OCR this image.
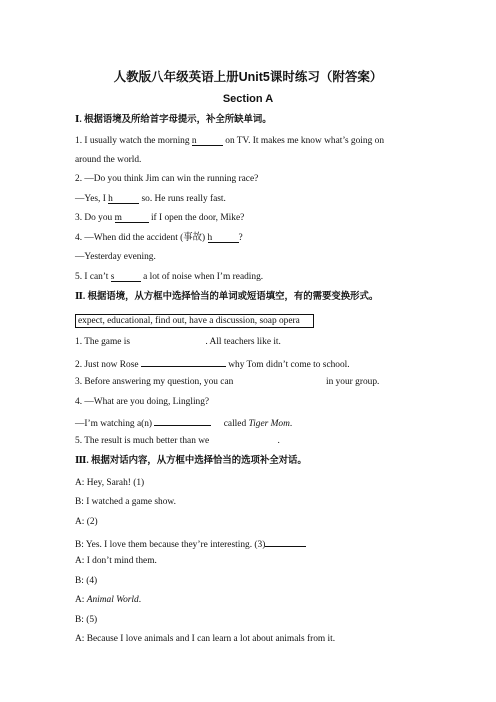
人教版八年级英语上册Unit5课时练习（附答案）
Section A
Ⅰ. 根据语境及所给首字母提示，补全所缺单词。
1. I usually watch the morning n	on TV. It makes me know what’s going on
around the world.
2. —Do you think Jim can win the running race?
—Yes, I h	so. He runs really fast.
3. Do you m	if I open the door, Mike?
4. —When did the accident (事故) h	?
—Yesterday evening.
5. I can’t s	a lot of noise when I’m reading.
Ⅱ. 根据语境，从方框中选择恰当的单词或短语填空，有的需要变换形式。
expect, educational, find out, have a discussion, soap opera
1. The game is	. All teachers like it.
2. Just now Rose	why Tom didn’t come to school.
3. Before answering my question, you can	in your group.
4. —What are you doing, Lingling?
—I’m watching a(n)	called Tiger Mom.
5. The result is much better than we	.
Ⅲ. 根据对话内容，从方框中选择恰当的选项补全对话。
A: Hey, Sarah! (1)
B: I watched a game show.
A: (2)
B: Yes. I love them because they’re interesting. (3)
A: I don’t mind them.
B: (4)
A: Animal World.
B: (5)
A: Because I love animals and I can learn a lot about animals from it.
